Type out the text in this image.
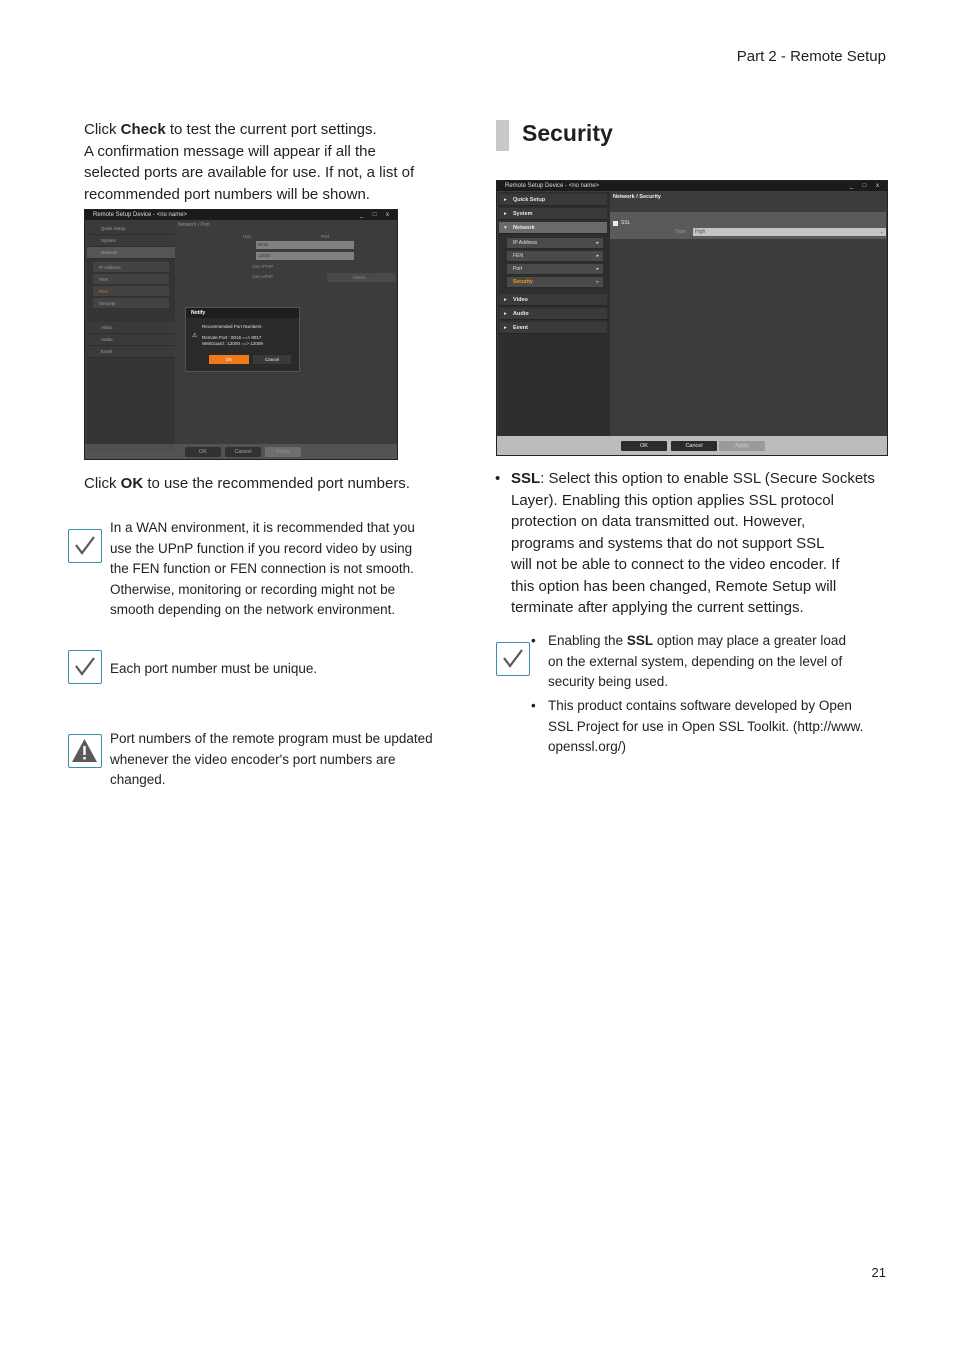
Part 2 - Remote Setup
Click Check to test the current port settings.
A confirmation message will appear if all the
selected ports are available for use. If not, a list of
recommended port numbers will be shown.
Remote Setup Device - <no name>	_ □ x
Quick Setup
System
Network
IP Address
FEN
Port
Security
Video
Audio
Event
Network / Port
Use	Port
8016
12000
Use RTSP
Use UPnP	Check...
Notify
Recommended Port Numbers
⚠ Remote Port : 8016 ==> 8017
WebGuard : 12000 ==> 12009
OK	Cancel
OK	Cancel	Apply
Click OK to use the recommended port numbers.
In a WAN environment, it is recommended that you
use the UPnP function if you record video by using
the FEN function or FEN connection is not smooth.
Otherwise, monitoring or recording might not be
smooth depending on the network environment.
Each port number must be unique.
Port numbers of the remote program must be updated
whenever the video encoder's port numbers are
changed.
Security
Remote Setup Device - <no name>	_ □ x
▸ Quick Setup
▸ System
▾ Network
IP Address	▸
FEN	▸
Port	▸
Security	▸
▸ Video
▸ Audio
▸ Event
Network / Security
SSL
Type	High	⌄
OK	Cancel	Apply
• SSL: Select this option to enable SSL (Secure Sockets
Layer). Enabling this option applies SSL protocol
protection on data transmitted out. However,
programs and systems that do not support SSL
will not be able to connect to the video encoder. If
this option has been changed, Remote Setup will
terminate after applying the current settings.
• Enabling the SSL option may place a greater load
on the external system, depending on the level of
security being used.
• This product contains software developed by Open
SSL Project for use in Open SSL Toolkit. (http://www.
openssl.org/)
21
